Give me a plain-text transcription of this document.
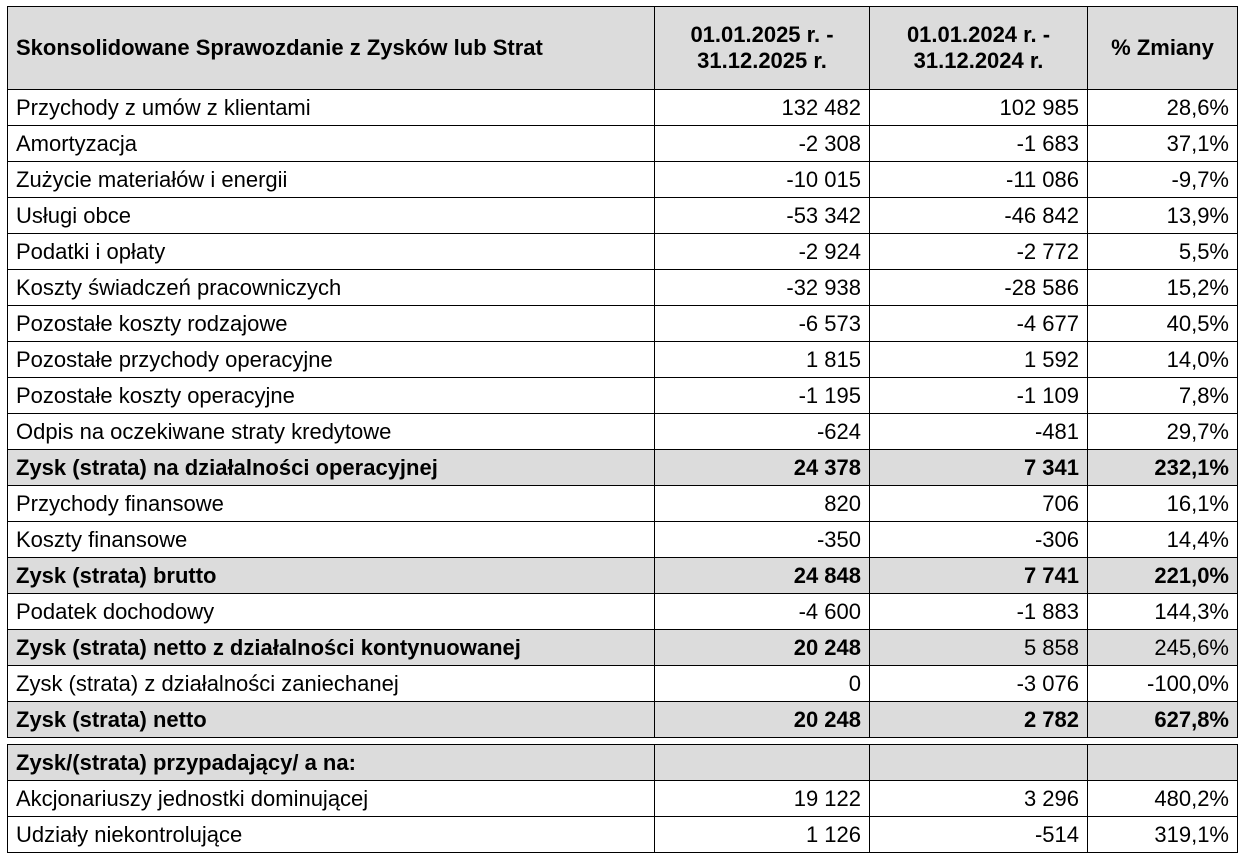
Skonsolidowane Sprawozdanie z Zysków lub Strat	01.01.2025 r. - 31.12.2025 r.	01.01.2024 r. - 31.12.2024 r.	% Zmiany
Przychody z umów z klientami	132 482	102 985	28,6%
Amortyzacja	-2 308	-1 683	37,1%
Zużycie materiałów i energii	-10 015	-11 086	-9,7%
Usługi obce	-53 342	-46 842	13,9%
Podatki i opłaty	-2 924	-2 772	5,5%
Koszty świadczeń pracowniczych	-32 938	-28 586	15,2%
Pozostałe koszty rodzajowe	-6 573	-4 677	40,5%
Pozostałe przychody operacyjne	1 815	1 592	14,0%
Pozostałe koszty operacyjne	-1 195	-1 109	7,8%
Odpis na oczekiwane straty kredytowe	-624	-481	29,7%
Zysk (strata) na działalności operacyjnej	24 378	7 341	232,1%
Przychody finansowe	820	706	16,1%
Koszty finansowe	-350	-306	14,4%
Zysk (strata) brutto	24 848	7 741	221,0%
Podatek dochodowy	-4 600	-1 883	144,3%
Zysk (strata) netto z działalności kontynuowanej	20 248	5 858	245,6%
Zysk (strata) z działalności zaniechanej	0	-3 076	-100,0%
Zysk (strata) netto	20 248	2 782	627,8%
Zysk/(strata) przypadający/ a na:			
Akcjonariuszy jednostki dominującej	19 122	3 296	480,2%
Udziały niekontrolujące	1 126	-514	319,1%
